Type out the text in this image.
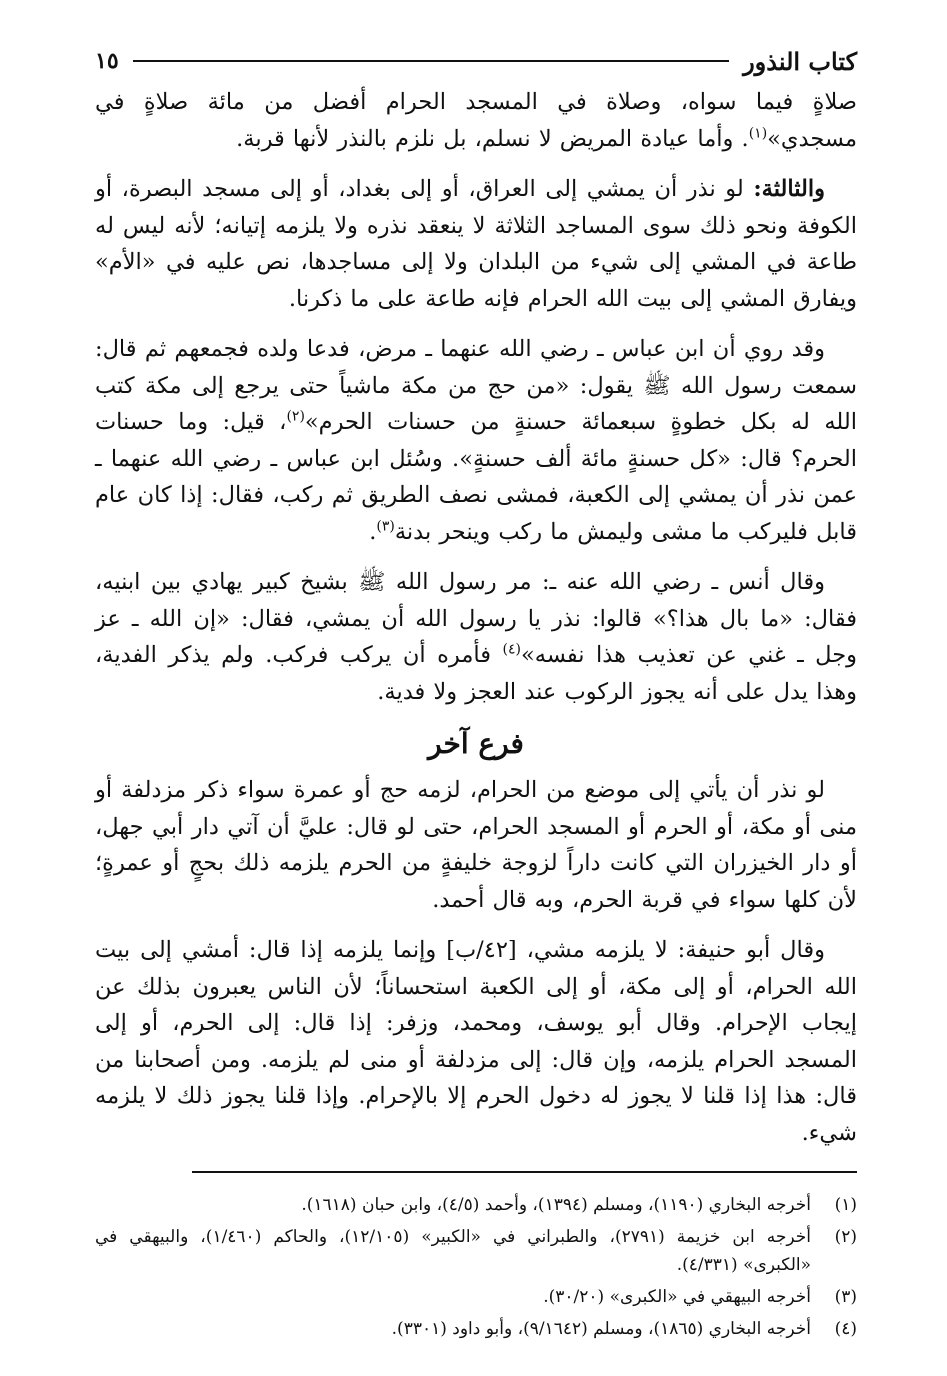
كتاب النذور
١٥

صلاةٍ فيما سواه، وصلاة في المسجد الحرام أفضل من مائة صلاةٍ في مسجدي»$^{(١)}$. وأما عيادة المريض لا نسلم، بل نلزم بالنذر لأنها قربة.

والثالثة: لو نذر أن يمشي إلى العراق، أو إلى بغداد، أو إلى مسجد البصرة، أو الكوفة ونحو ذلك سوى المساجد الثلاثة لا ينعقد نذره ولا يلزمه إتيانه؛ لأنه ليس له طاعة في المشي إلى شيء من البلدان ولا إلى مساجدها، نص عليه في «الأم» ويفارق المشي إلى بيت الله الحرام فإنه طاعة على ما ذكرنا.

وقد روي أن ابن عباس ـ رضي الله عنهما ـ مرض، فدعا ولده فجمعهم ثم قال: سمعت رسول الله ﷺ يقول: «من حج من مكة ماشياً حتى يرجع إلى مكة كتب الله له بكل خطوةٍ سبعمائة حسنةٍ من حسنات الحرم»$^{(٢)}$، قيل: وما حسنات الحرم؟ قال: «كل حسنةٍ مائة ألف حسنةٍ». وسُئل ابن عباس ـ رضي الله عنهما ـ عمن نذر أن يمشي إلى الكعبة، فمشى نصف الطريق ثم ركب، فقال: إذا كان عام قابل فليركب ما مشى وليمش ما ركب وينحر بدنة$^{(٣)}$.

وقال أنس ـ رضي الله عنه ـ: مر رسول الله ﷺ بشيخ كبير يهادي بين ابنيه، فقال: «ما بال هذا؟» قالوا: نذر يا رسول الله أن يمشي، فقال: «إن الله ـ عز وجل ـ غني عن تعذيب هذا نفسه»$^{(٤)}$ فأمره أن يركب فركب. ولم يذكر الفدية، وهذا يدل على أنه يجوز الركوب عند العجز ولا فدية.

فرع آخر

لو نذر أن يأتي إلى موضع من الحرام، لزمه حج أو عمرة سواء ذكر مزدلفة أو منى أو مكة، أو الحرم أو المسجد الحرام، حتى لو قال: عليَّ أن آتي دار أبي جهل، أو دار الخيزران التي كانت داراً لزوجة خليفةٍ من الحرم يلزمه ذلك بحجٍ أو عمرةٍ؛ لأن كلها سواء في قربة الحرم، وبه قال أحمد.

وقال أبو حنيفة: لا يلزمه مشي، [٤٢/ب] وإنما يلزمه إذا قال: أمشي إلى بيت الله الحرام، أو إلى مكة، أو إلى الكعبة استحساناً؛ لأن الناس يعبرون بذلك عن إيجاب الإحرام. وقال أبو يوسف، ومحمد، وزفر: إذا قال: إلى الحرم، أو إلى المسجد الحرام يلزمه، وإن قال: إلى مزدلفة أو منى لم يلزمه. ومن أصحابنا من قال: هذا إذا قلنا لا يجوز له دخول الحرم إلا بالإحرام. وإذا قلنا يجوز ذلك لا يلزمه شيء.

(١)
أخرجه البخاري (١١٩٠)، ومسلم (١٣٩٤)، وأحمد (٤/٥)، وابن حبان (١٦١٨).
(٢)
أخرجه ابن خزيمة (٢٧٩١)، والطبراني في «الكبير» (١٢/١٠٥)، والحاكم (١/٤٦٠)، والبيهقي في «الكبرى» (٤/٣٣١).
(٣)
أخرجه البيهقي في «الكبرى» (٣٠/٢٠).
(٤)
أخرجه البخاري (١٨٦٥)، ومسلم (٩/١٦٤٢)، وأبو داود (٣٣٠١).
